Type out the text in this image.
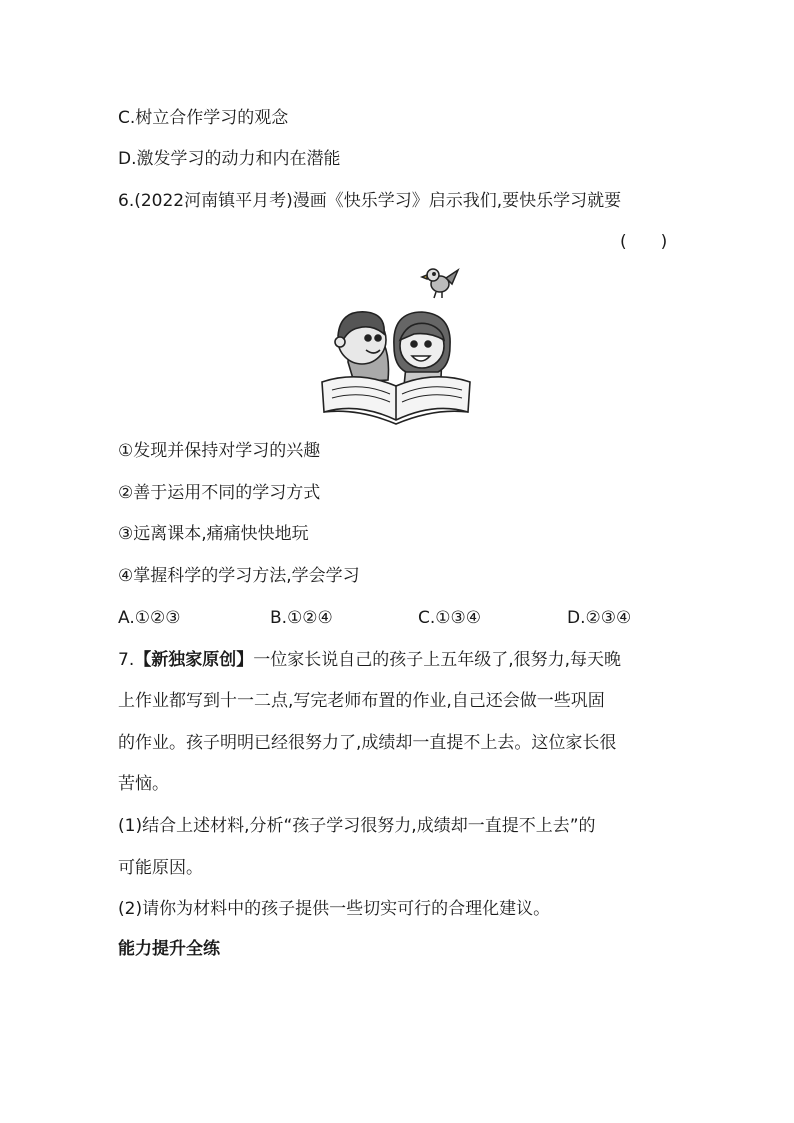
C.树立合作学习的观念
D.激发学习的动力和内在潜能
6.(2022河南镇平月考)漫画《快乐学习》启示我们,要快乐学习就要
(　　)
①发现并保持对学习的兴趣
②善于运用不同的学习方式
③远离课本,痛痛快快地玩
④掌握科学的学习方法,学会学习
A.①②③	B.①②④	C.①③④	D.②③④
7.【新独家原创】一位家长说自己的孩子上五年级了,很努力,每天晚
上作业都写到十一二点,写完老师布置的作业,自己还会做一些巩固
的作业。孩子明明已经很努力了,成绩却一直提不上去。这位家长很
苦恼。
(1)结合上述材料,分析“孩子学习很努力,成绩却一直提不上去”的
可能原因。
(2)请你为材料中的孩子提供一些切实可行的合理化建议。
能力提升全练
